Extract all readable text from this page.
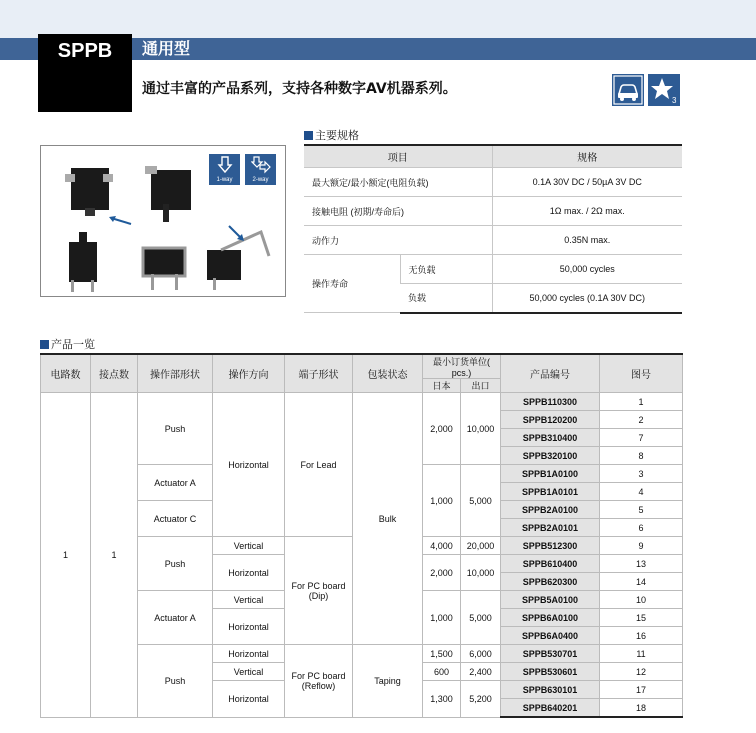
SPPB	通用型
通过丰富的产品系列，支持各种数字AV机器系列。
3
1-way	2-way
主要规格
项目		规格
最大额定/最小额定(电阻负载)		0.1A 30V DC / 50µA 3V DC
接触电阻 (初期/寿命后)		1Ω max. / 2Ω max.
动作力		0.35N max.
操作寿命	无负载	50,000 cycles
	负载	50,000 cycles (0.1A 30V DC)
产品一览
电路数	接点数	操作部形状	操作方向	端子形状	包装状态	最小订货单位( pcs.)		产品编号	图号
						日本	出口		
1	1	Push	Horizontal	For Lead	Bulk	2,000	10,000	SPPB110300	1
								SPPB120200	2
								SPPB310400	7
								SPPB320100	8
		Actuator A				1,000	5,000	SPPB1A0100	3
								SPPB1A0101	4
		Actuator C						SPPB2A0100	5
								SPPB2A0101	6
		Push	Vertical	For PC board (Dip)		4,000	20,000	SPPB512300	9
			Horizontal			2,000	10,000	SPPB610400	13
								SPPB620300	14
		Actuator A	Vertical			1,000	5,000	SPPB5A0100	10
			Horizontal					SPPB6A0100	15
								SPPB6A0400	16
		Push	Horizontal	For PC board (Reflow)	Taping	1,500	6,000	SPPB530701	11
			Vertical			600	2,400	SPPB530601	12
			Horizontal			1,300	5,200	SPPB630101	17
								SPPB640201	18
